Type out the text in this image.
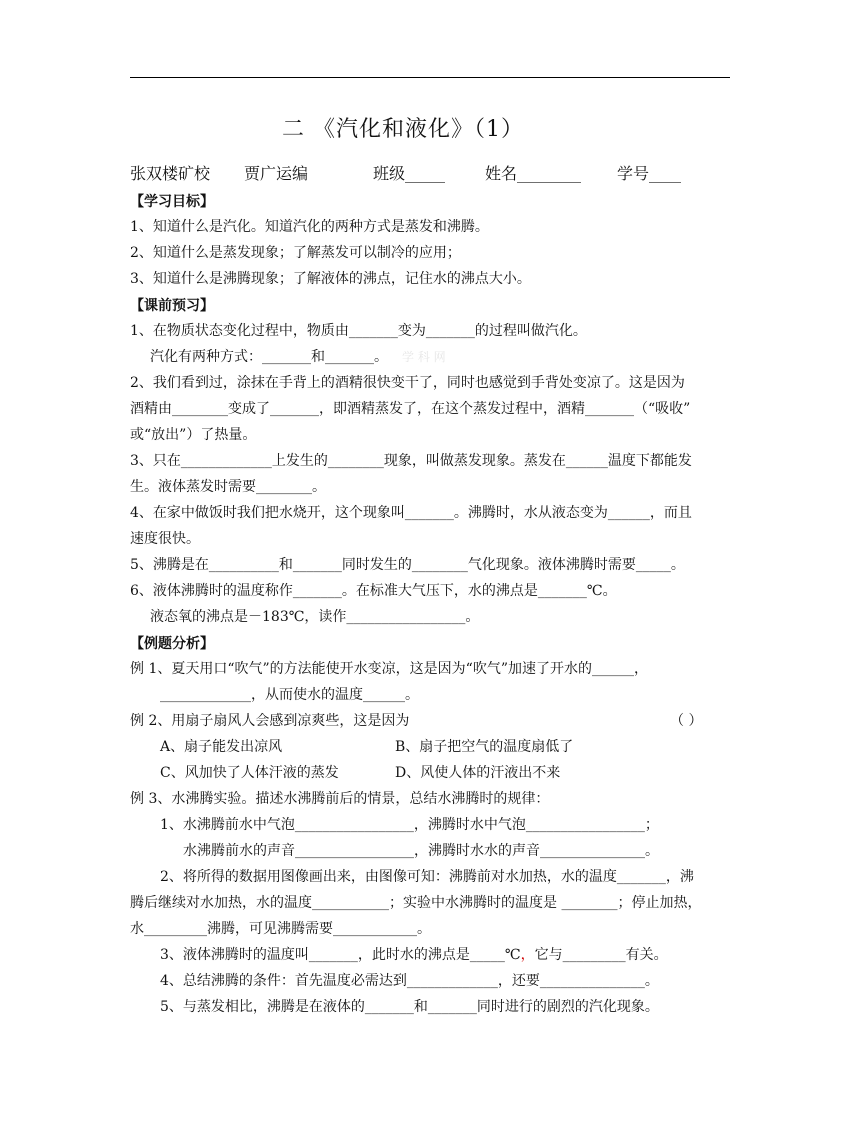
二 《汽化和液化》（1）
张双楼矿校 贾广运编	班级_____ 姓名________ 学号____
【学习目标】
1、知道什么是汽化。知道汽化的两种方式是蒸发和沸腾。
2、知道什么是蒸发现象；了解蒸发可以制冷的应用；
3、知道什么是沸腾现象；了解液体的沸点，记住水的沸点大小。
【课前预习】
1、在物质状态变化过程中，物质由_______变为_______的过程叫做汽化。
汽化有两种方式：_______和_______。 学 科 网
2、我们看到过，涂抹在手背上的酒精很快变干了，同时也感觉到手背处变凉了。这是因为
酒精由________变成了_______，即酒精蒸发了，在这个蒸发过程中，酒精_______（“吸收”
或“放出”）了热量。
3、只在_____________上发生的________现象，叫做蒸发现象。蒸发在______温度下都能发
生。液体蒸发时需要________。
4、在家中做饭时我们把水烧开，这个现象叫_______。沸腾时，水从液态变为______，而且
速度很快。
5、沸腾是在__________和_______同时发生的________气化现象。液体沸腾时需要_____。
6、液体沸腾时的温度称作_______。在标准大气压下，水的沸点是_______℃。
液态氧的沸点是－183℃，读作_________________。
【例题分析】
例 1、夏天用口“吹气”的方法能使开水变凉，这是因为“吹气”加速了开水的______，
_____________，从而使水的温度______。
例 2、用扇子扇风人会感到凉爽些，这是因为	（ ）
A、扇子能发出凉风	B、扇子把空气的温度扇低了
C、风加快了人体汗液的蒸发	D、风使人体的汗液出不来
例 3、水沸腾实验。描述水沸腾前后的情景，总结水沸腾时的规律：
1、水沸腾前水中气泡_________________，沸腾时水中气泡_________________；
水沸腾前水的声音_________________，沸腾时水水的声音_______________。
2、将所得的数据用图像画出来，由图像可知：沸腾前对水加热，水的温度_______，沸
腾后继续对水加热，水的温度___________；实验中水沸腾时的温度是 ________；停止加热，
水_________沸腾，可见沸腾需要____________。
3、液体沸腾时的温度叫_______，此时水的沸点是_____℃，它与_________有关。
4、总结沸腾的条件：首先温度必需达到_____________，还要_______________。
5、与蒸发相比，沸腾是在液体的_______和_______同时进行的剧烈的汽化现象。
